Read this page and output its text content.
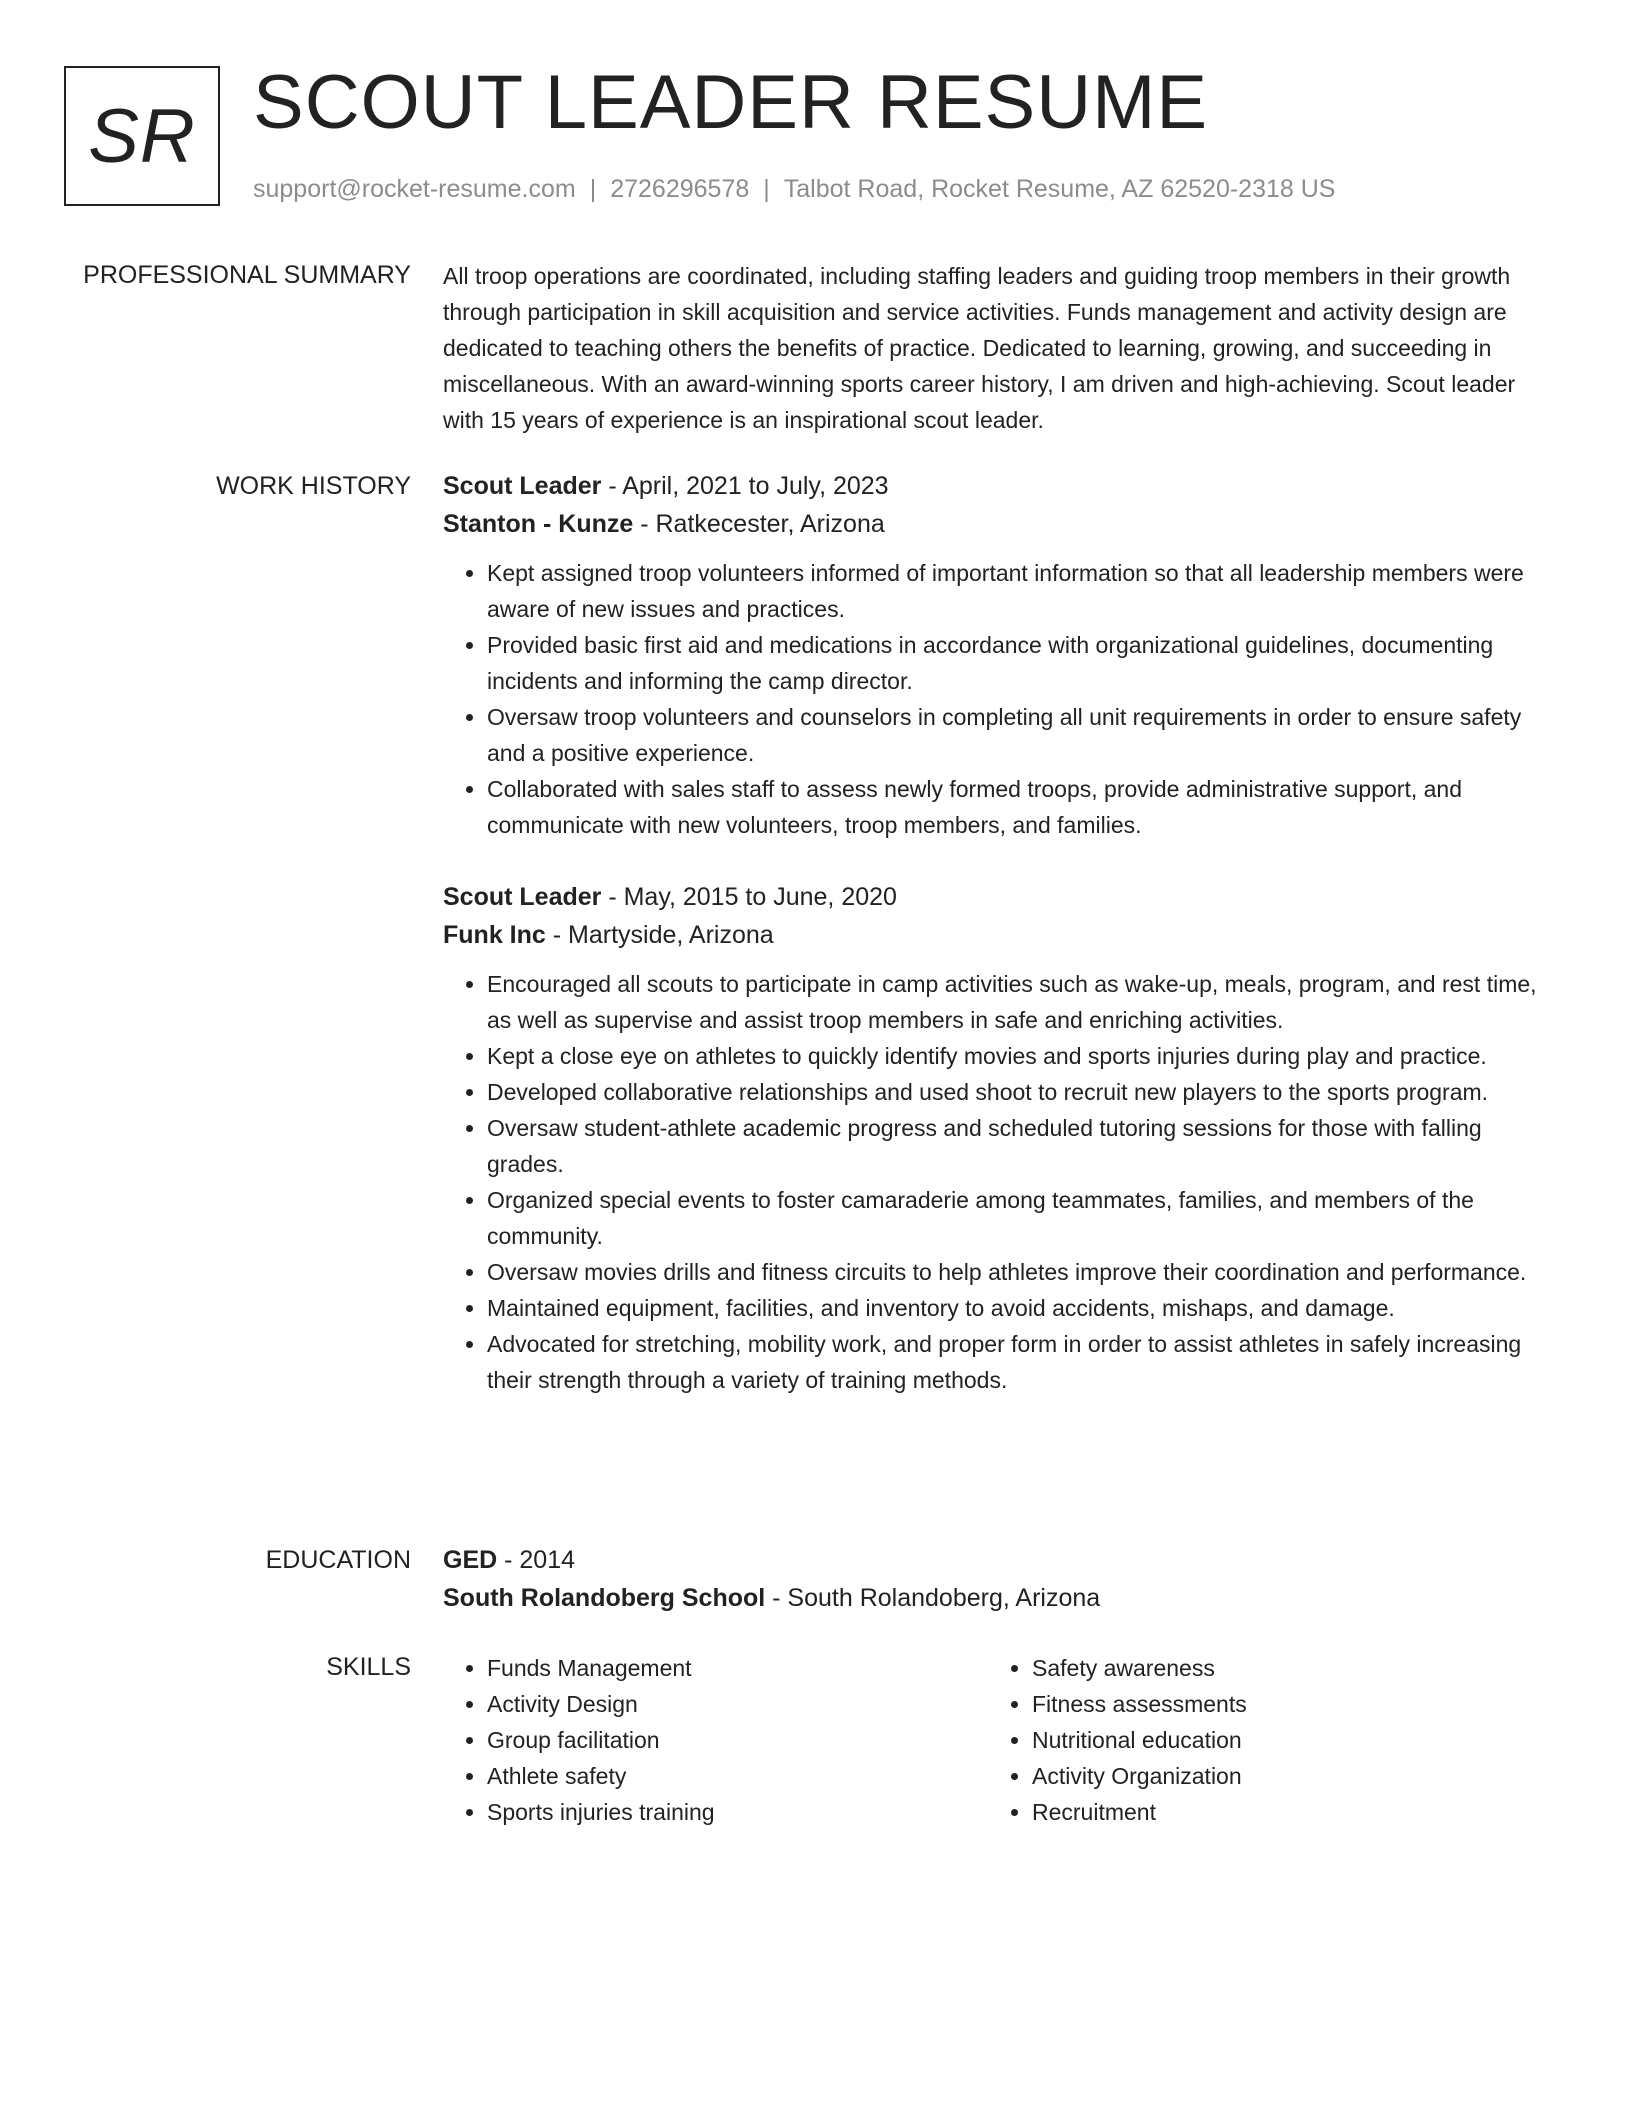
SR SCOUT LEADER RESUME
support@rocket-resume.com | 2726296578 | Talbot Road, Rocket Resume, AZ 62520-2318 US
PROFESSIONAL SUMMARY All troop operations are coordinated, including staffing leaders and guiding troop members in their growth through participation in skill acquisition and service activities. Funds management and activity design are dedicated to teaching others the benefits of practice. Dedicated to learning, growing, and succeeding in miscellaneous. With an award-winning sports career history, I am driven and high-achieving. Scout leader with 15 years of experience is an inspirational scout leader.

WORK HISTORY Scout Leader - April, 2021 to July, 2023
Stanton - Kunze - Ratkecester, Arizona
• Kept assigned troop volunteers informed of important information so that all leadership members were aware of new issues and practices.
• Provided basic first aid and medications in accordance with organizational guidelines, documenting incidents and informing the camp director.
• Oversaw troop volunteers and counselors in completing all unit requirements in order to ensure safety and a positive experience.
• Collaborated with sales staff to assess newly formed troops, provide administrative support, and communicate with new volunteers, troop members, and families.
Scout Leader - May, 2015 to June, 2020
Funk Inc - Martyside, Arizona
• Encouraged all scouts to participate in camp activities such as wake-up, meals, program, and rest time, as well as supervise and assist troop members in safe and enriching activities.
• Kept a close eye on athletes to quickly identify movies and sports injuries during play and practice.
• Developed collaborative relationships and used shoot to recruit new players to the sports program.
• Oversaw student-athlete academic progress and scheduled tutoring sessions for those with falling grades.
• Organized special events to foster camaraderie among teammates, families, and members of the community.
• Oversaw movies drills and fitness circuits to help athletes improve their coordination and performance.
• Maintained equipment, facilities, and inventory to avoid accidents, mishaps, and damage.
• Advocated for stretching, mobility work, and proper form in order to assist athletes in safely increasing their strength through a variety of training methods.
EDUCATION GED - 2014
South Rolandoberg School - South Rolandoberg, Arizona
SKILLS
•	Funds Management
• Activity Design
• Group facilitation
• Athlete safety
• Sports injuries training
• Safety awareness
• Fitness assessments
• Nutritional education
• Activity Organization
• Recruitment
